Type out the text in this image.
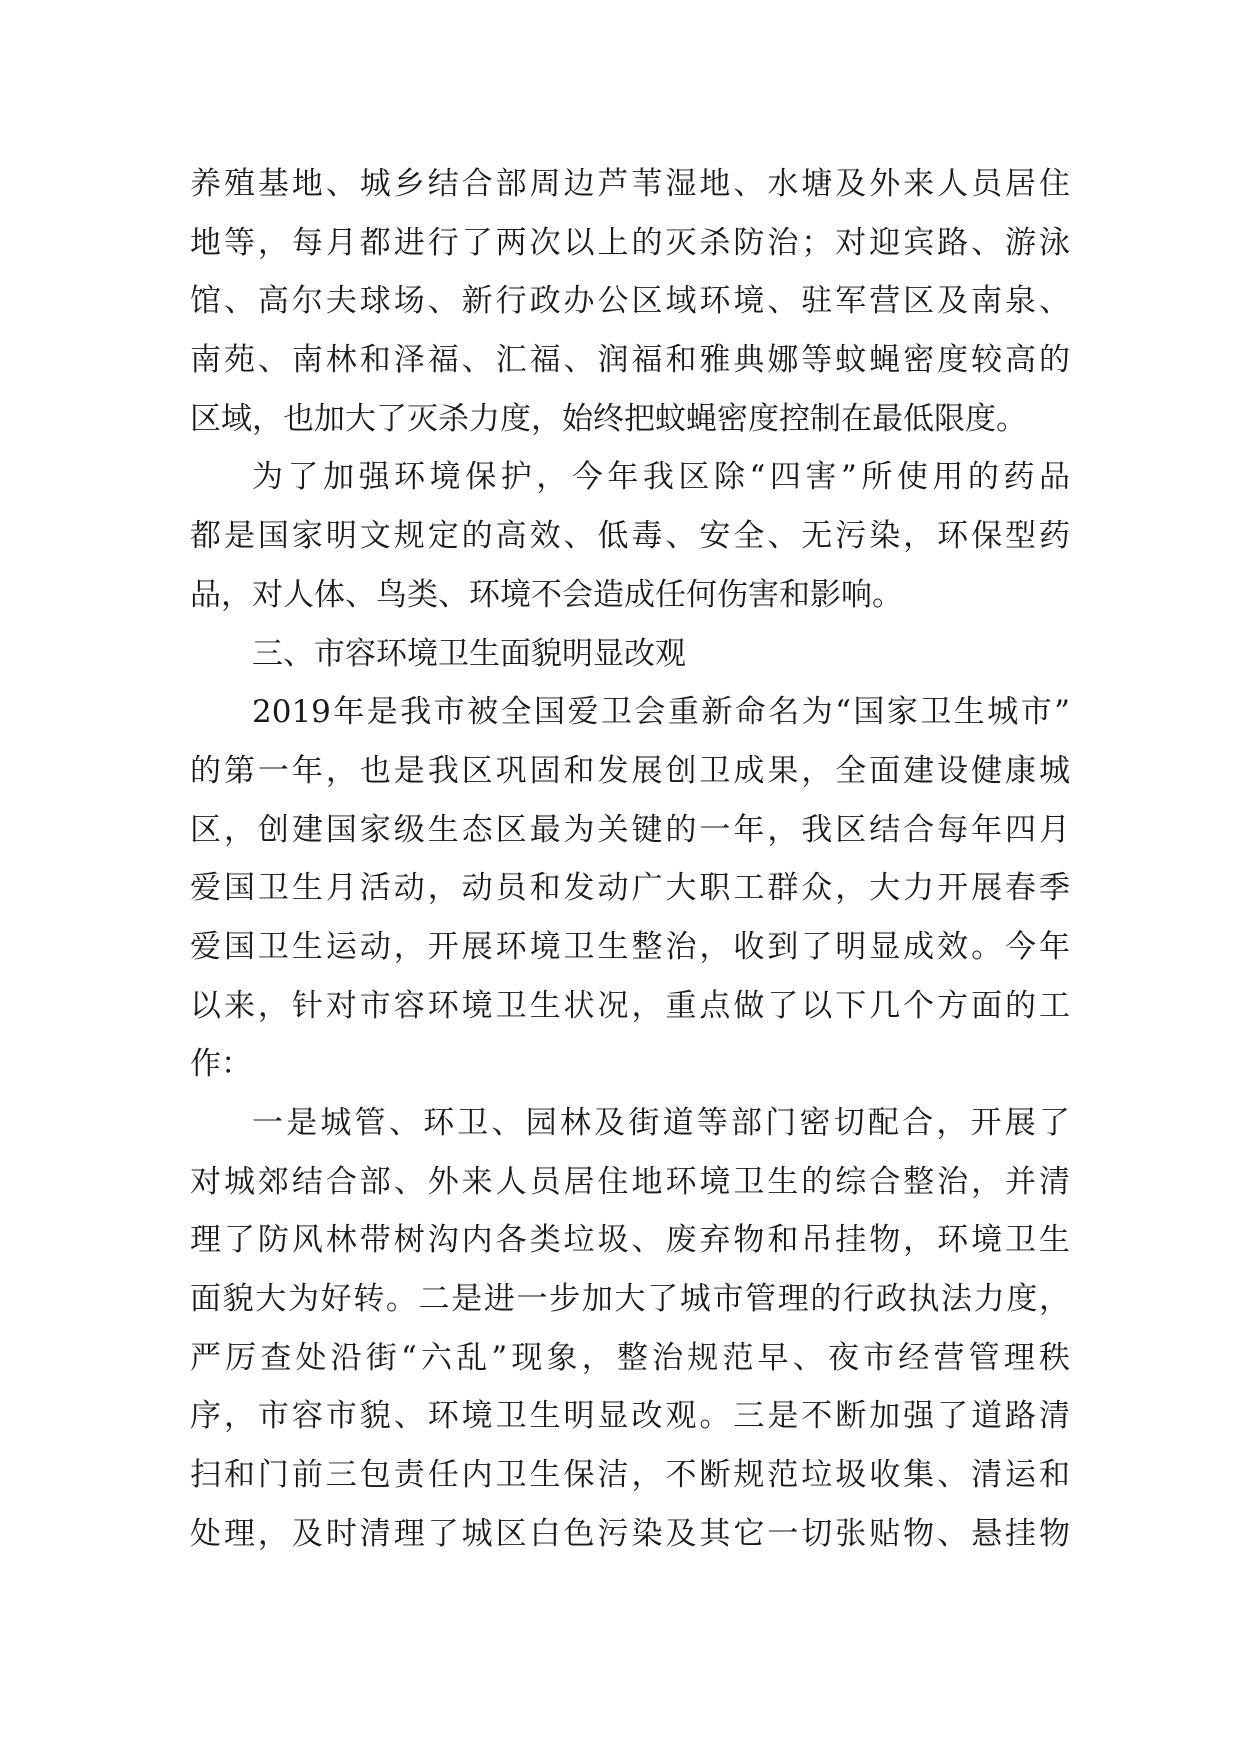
养殖基地、城乡结合部周边芦苇湿地、水塘及外来人员居住
地等，每月都进行了两次以上的灭杀防治；对迎宾路、游泳
馆、高尔夫球场、新行政办公区域环境、驻军营区及南泉、
南苑、南林和泽福、汇福、润福和雅典娜等蚊蝇密度较高的
区域，也加大了灭杀力度，始终把蚊蝇密度控制在最低限度。
为了加强环境保护，今年我区除“四害”所使用的药品
都是国家明文规定的高效、低毒、安全、无污染，环保型药
品，对人体、鸟类、环境不会造成任何伤害和影响。
三、市容环境卫生面貌明显改观
2019年是我市被全国爱卫会重新命名为“国家卫生城市”
的第一年，也是我区巩固和发展创卫成果，全面建设健康城
区，创建国家级生态区最为关键的一年，我区结合每年四月
爱国卫生月活动，动员和发动广大职工群众，大力开展春季
爱国卫生运动，开展环境卫生整治，收到了明显成效。今年
以来，针对市容环境卫生状况，重点做了以下几个方面的工
作：
一是城管、环卫、园林及街道等部门密切配合，开展了
对城郊结合部、外来人员居住地环境卫生的综合整治，并清
理了防风林带树沟内各类垃圾、废弃物和吊挂物，环境卫生
面貌大为好转。二是进一步加大了城市管理的行政执法力度，
严厉查处沿街“六乱”现象，整治规范早、夜市经营管理秩
序，市容市貌、环境卫生明显改观。三是不断加强了道路清
扫和门前三包责任内卫生保洁，不断规范垃圾收集、清运和
处理，及时清理了城区白色污染及其它一切张贴物、悬挂物
